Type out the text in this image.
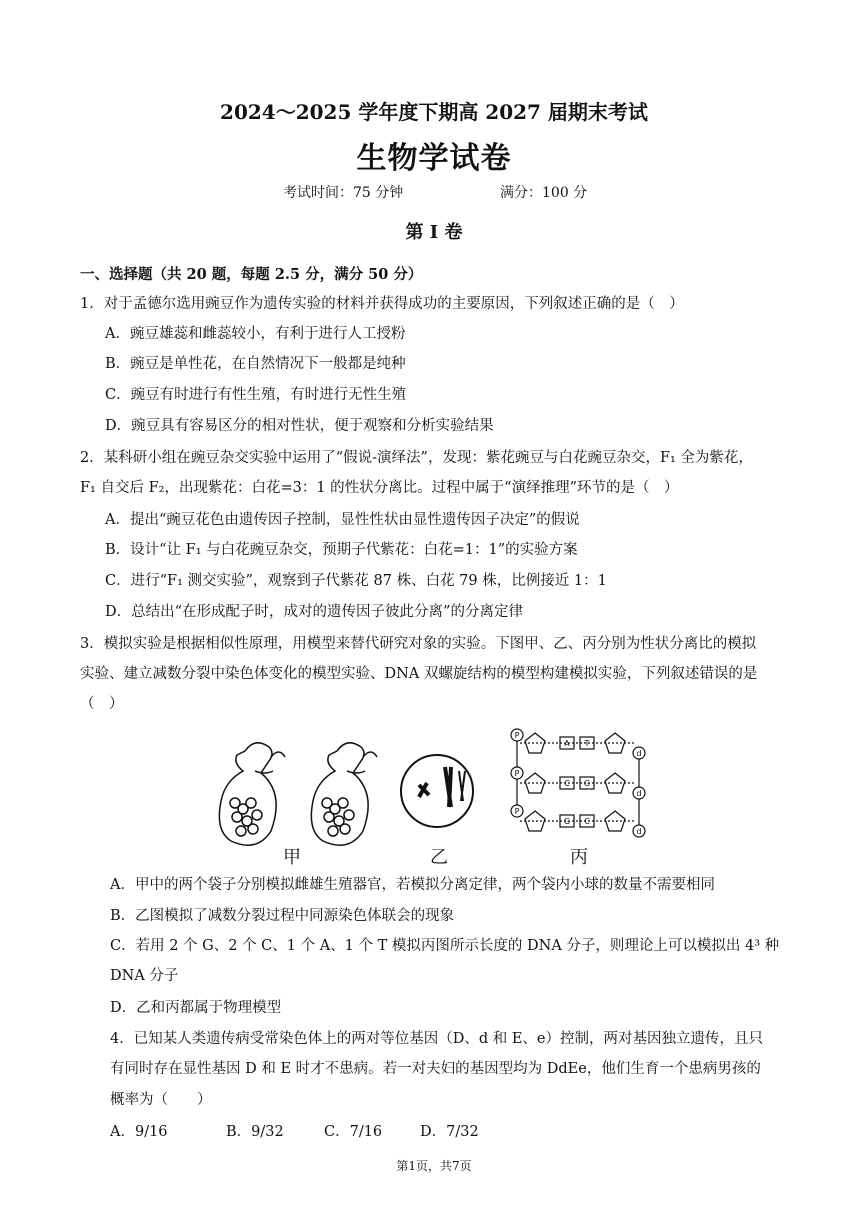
2024～2025 学年度下期高 2027 届期末考试
生物学试卷
考试时间：75 分钟	满分：100 分
第 I 卷
一、选择题（共 20 题，每题 2.5 分，满分 50 分）
1．对于孟德尔选用豌豆作为遗传实验的材料并获得成功的主要原因，下列叙述正确的是（　）
A．豌豆雄蕊和雌蕊较小，有利于进行人工授粉
B．豌豆是单性花，在自然情况下一般都是纯种
C．豌豆有时进行有性生殖，有时进行无性生殖
D．豌豆具有容易区分的相对性状，便于观察和分析实验结果
2．某科研小组在豌豆杂交实验中运用了“假说-演绎法”，发现：紫花豌豆与白花豌豆杂交，F₁ 全为紫花，
F₁ 自交后 F₂，出现紫花：白花=3：1 的性状分离比。过程中属于“演绎推理”环节的是（　）
A．提出“豌豆花色由遗传因子控制，显性性状由显性遗传因子决定”的假说
B．设计“让 F₁ 与白花豌豆杂交，预期子代紫花：白花=1：1”的实验方案
C．进行“F₁ 测交实验”，观察到子代紫花 87 株、白花 79 株，比例接近 1：1
D．总结出“在形成配子时，成对的遗传因子彼此分离”的分离定律
3．模拟实验是根据相似性原理，用模型来替代研究对象的实验。下图甲、乙、丙分别为性状分离比的模拟
实验、建立减数分裂中染色体变化的模型实验、DNA 双螺旋结构的模型构建模拟实验，下列叙述错误的是
（　）
P
P
P
d
d
d
A T
C G
G C
甲	乙	丙
A．甲中的两个袋子分别模拟雌雄生殖器官，若模拟分离定律，两个袋内小球的数量不需要相同
B．乙图模拟了减数分裂过程中同源染色体联会的现象
C．若用 2 个 G、2 个 C、1 个 A、1 个 T 模拟丙图所示长度的 DNA 分子，则理论上可以模拟出 4³ 种
DNA 分子
D．乙和丙都属于物理模型
4．已知某人类遗传病受常染色体上的两对等位基因（D、d 和 E、e）控制，两对基因独立遗传，且只
有同时存在显性基因 D 和 E 时才不患病。若一对夫妇的基因型均为 DdEe，他们生育一个患病男孩的
概率为（　　）
A．9/16	B．9/32	C．7/16	D．7/32
第1页，共7页
